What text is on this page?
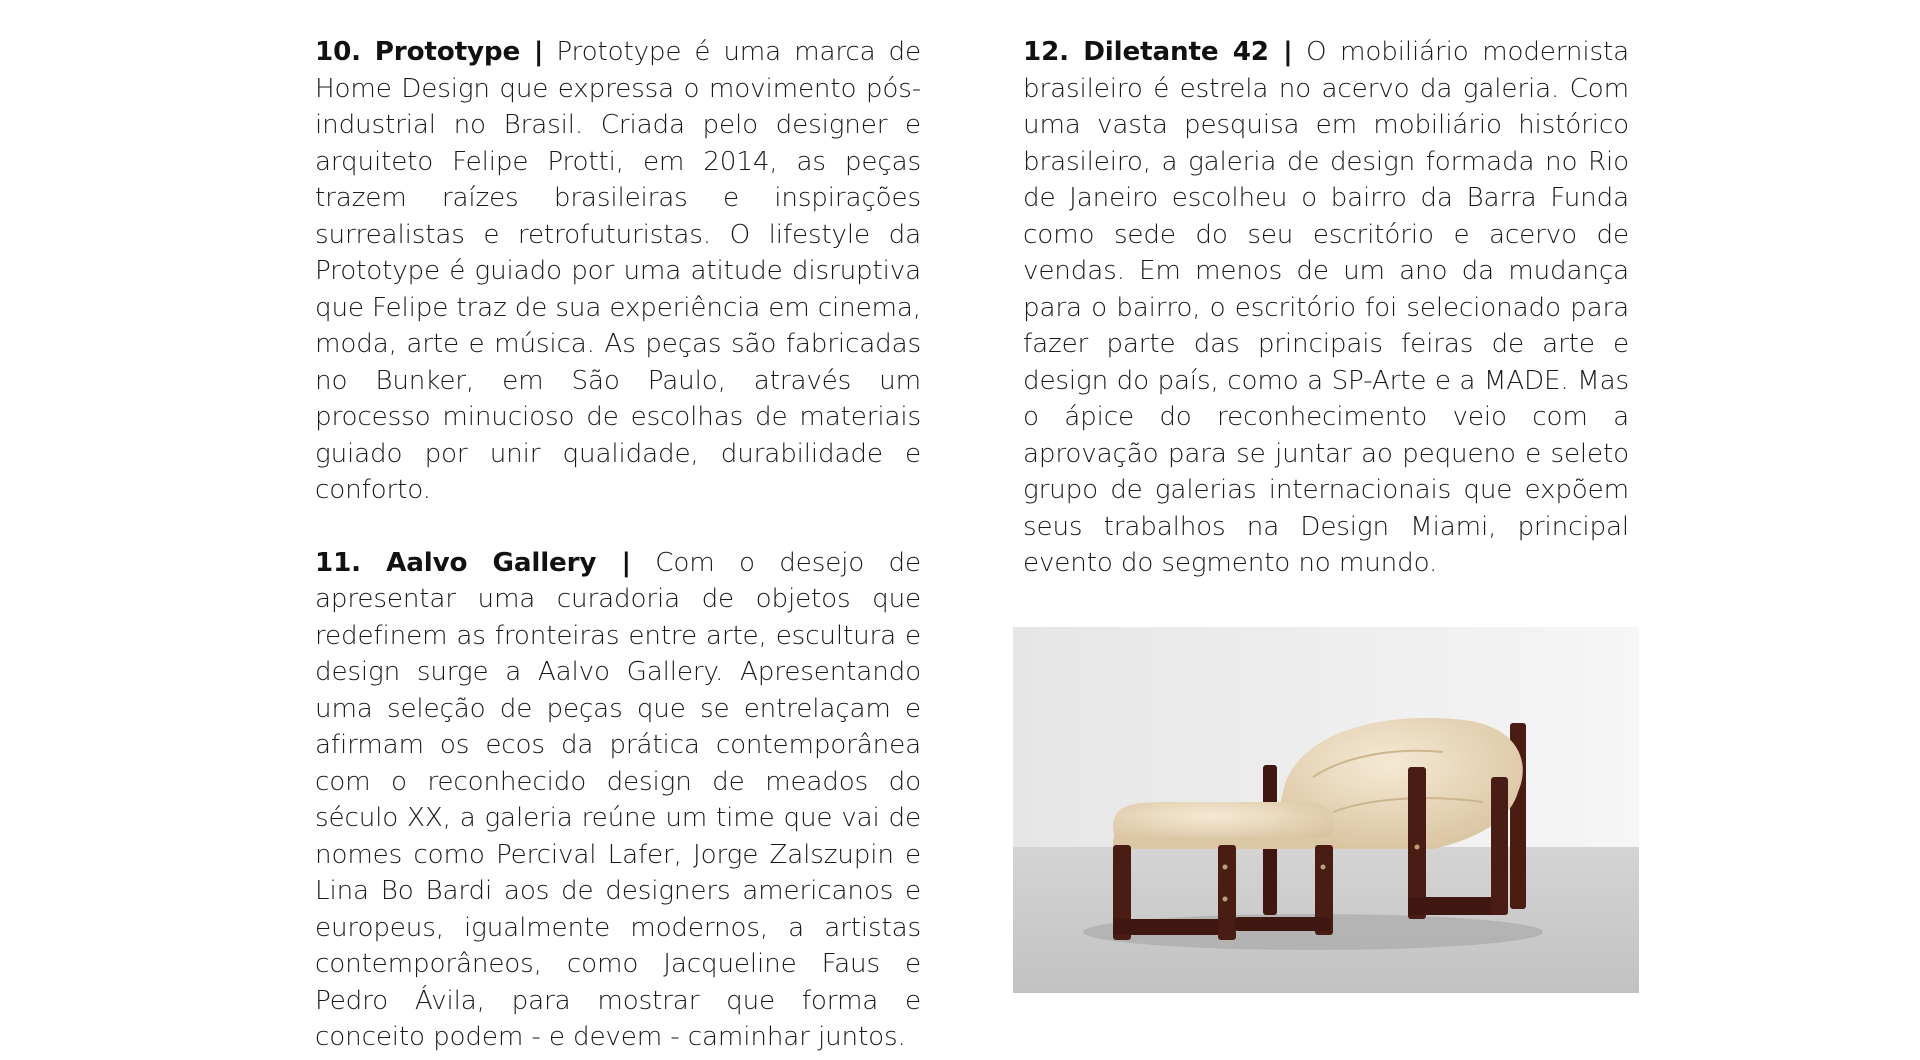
10. Prototype | Prototype é uma marca de Home Design que expressa o movimento pós-industrial no Brasil. Criada pelo designer e arquiteto Felipe Protti, em 2014, as peças trazem raízes brasileiras e inspirações surrealistas e retrofuturistas. O lifestyle da Prototype é guiado por uma atitude disruptiva que Felipe traz de sua experiência em cinema, moda, arte e música. As peças são fabricadas no Bunker, em São Paulo, através um processo minucioso de escolhas de materiais guiado por unir qualidade, durabilidade e conforto.

11. Aalvo Gallery | Com o desejo de apresentar uma curadoria de objetos que redefinem as fronteiras entre arte, escultura e design surge a Aalvo Gallery. Apresentando uma seleção de peças que se entrelaçam e afirmam os ecos da prática contemporânea com o reconhecido design de meados do século XX, a galeria reúne um time que vai de nomes como Percival Lafer, Jorge Zalszupin e Lina Bo Bardi aos de designers americanos e europeus, igualmente modernos, a artistas contemporâneos, como Jacqueline Faus e Pedro Ávila, para mostrar que forma e conceito podem - e devem - caminhar juntos.

12. Diletante 42 | O mobiliário modernista brasileiro é estrela no acervo da galeria. Com uma vasta pesquisa em mobiliário histórico brasileiro, a galeria de design formada no Rio de Janeiro escolheu o bairro da Barra Funda como sede do seu escritório e acervo de vendas. Em menos de um ano da mudança para o bairro, o escritório foi selecionado para fazer parte das principais feiras de arte e design do país, como a SP-Arte e a MADE. Mas o ápice do reconhecimento veio com a aprovação para se juntar ao pequeno e seleto grupo de galerias internacionais que expõem seus trabalhos na Design Miami, principal evento do segmento no mundo.
